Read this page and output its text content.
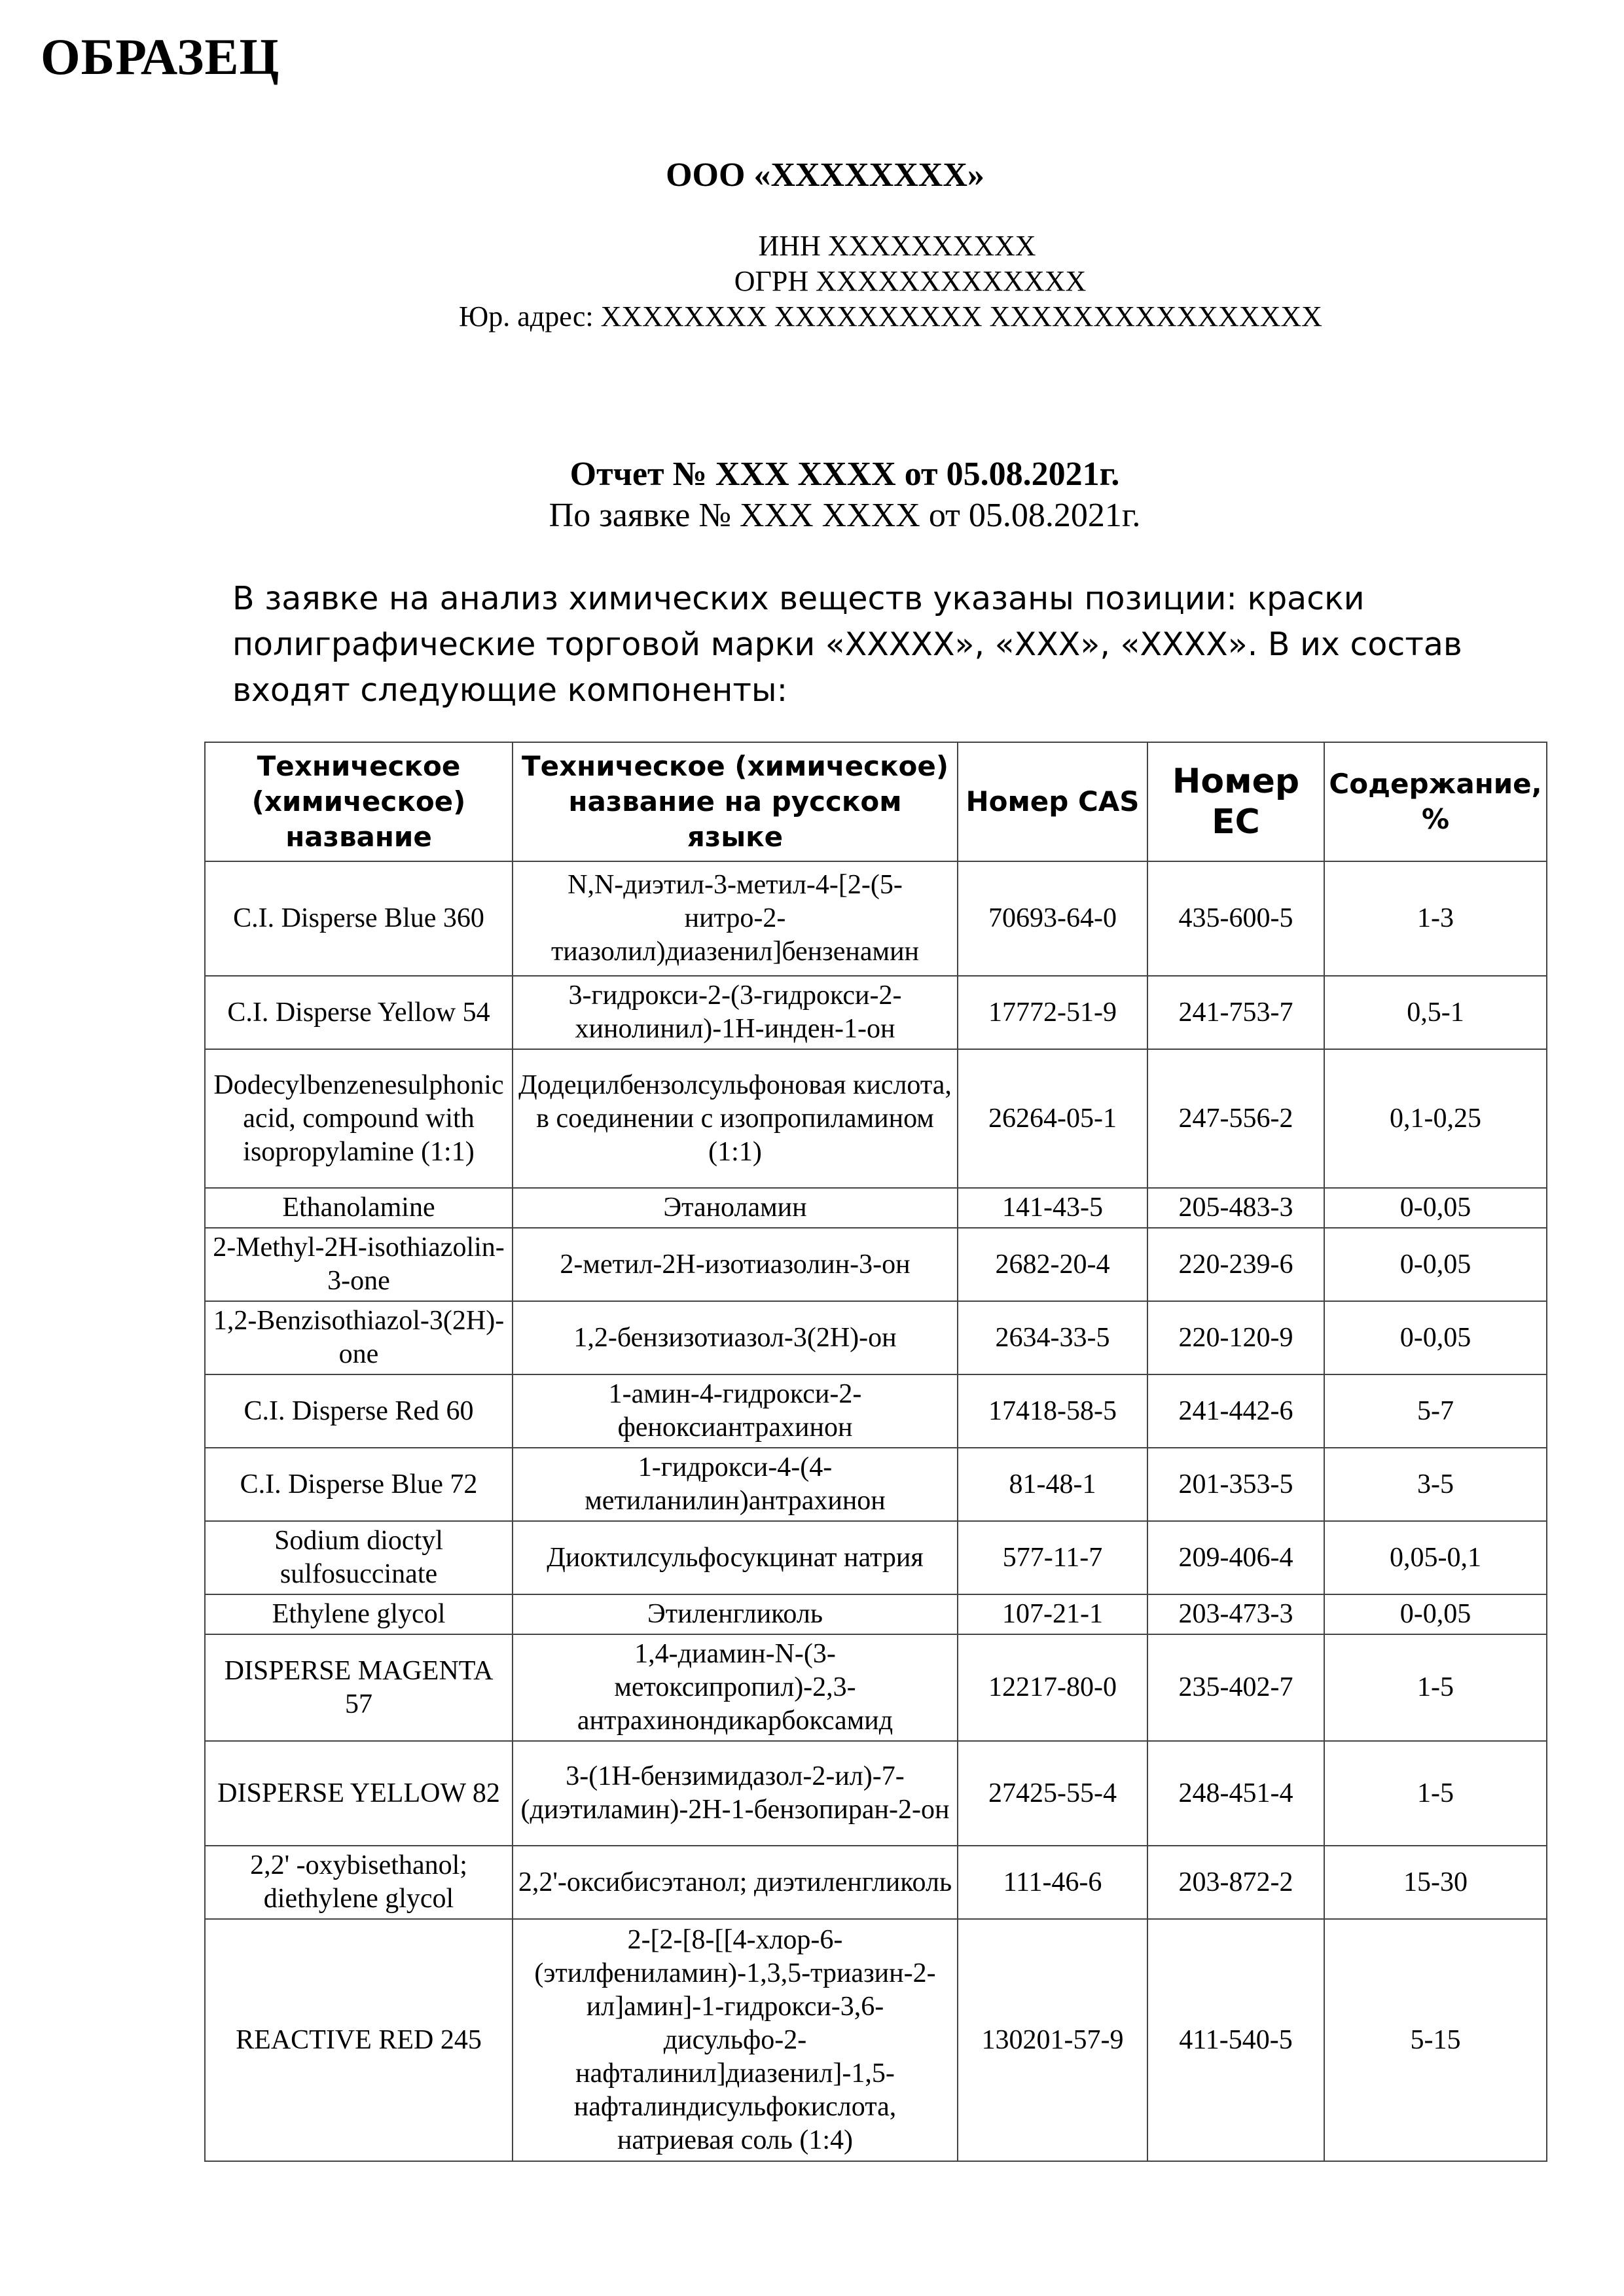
ОБРАЗЕЦ
ООО «XXXXXXXX»
ИНН XXXXXXXXXX
ОГРН XXXXXXXXXXXXX
Юр. адрес: XXXXXXXX XXXXXXXXXX XXXXXXXXXXXXXXXX
Отчет № XXX XXXX от 05.08.2021г.
По заявке № XXX XXXX от 05.08.2021г.
В заявке на анализ химических веществ указаны позиции: краски
полиграфические торговой марки «XXXXX», «XXX», «XXXX». В их состав
входят следующие компоненты:
Техническое (химическое) название	Техническое (химическое) название на русском языке	Номер CAS	Номер EC	Содержание, %
C.I. Disperse Blue 360	N,N-диэтил-3-метил-4-[2-(5-нитро-2-тиазолил)диазенил]бензенамин	70693-64-0	435-600-5	1-3
C.I. Disperse Yellow 54	3-гидрокси-2-(3-гидрокси-2-хинолинил)-1H-инден-1-он	17772-51-9	241-753-7	0,5-1
Dodecylbenzenesulphonic acid, compound with isopropylamine (1:1)	Додецилбензолсульфоновая кислота, в соединении с изопропиламином (1:1)	26264-05-1	247-556-2	0,1-0,25
Ethanolamine	Этаноламин	141-43-5	205-483-3	0-0,05
2-Methyl-2H-isothiazolin-3-one	2-метил-2H-изотиазолин-3-он	2682-20-4	220-239-6	0-0,05
1,2-Benzisothiazol-3(2H)-one	1,2-бензизотиазол-3(2H)-он	2634-33-5	220-120-9	0-0,05
C.I. Disperse Red 60	1-амин-4-гидрокси-2-феноксиантрахинон	17418-58-5	241-442-6	5-7
C.I. Disperse Blue 72	1-гидрокси-4-(4-метиланилин)антрахинон	81-48-1	201-353-5	3-5
Sodium dioctyl sulfosuccinate	Диоктилсульфосукцинат натрия	577-11-7	209-406-4	0,05-0,1
Ethylene glycol	Этиленгликоль	107-21-1	203-473-3	0-0,05
DISPERSE MAGENTA 57	1,4-диамин-N-(3-метоксипропил)-2,3-антрахинондикарбоксамид	12217-80-0	235-402-7	1-5
DISPERSE YELLOW 82	3-(1H-бензимидазол-2-ил)-7-(диэтиламин)-2H-1-бензопиран-2-он	27425-55-4	248-451-4	1-5
2,2' -oxybisethanol; diethylene glycol	2,2'-оксибисэтанол; диэтиленгликоль	111-46-6	203-872-2	15-30
REACTIVE RED 245	2-[2-[8-[[4-хлор-6-(этилфениламин)-1,3,5-триазин-2-ил]амин]-1-гидрокси-3,6-дисульфо-2-нафталинил]диазенил]-1,5-нафталиндисульфокислота, натриевая соль (1:4)	130201-57-9	411-540-5	5-15
